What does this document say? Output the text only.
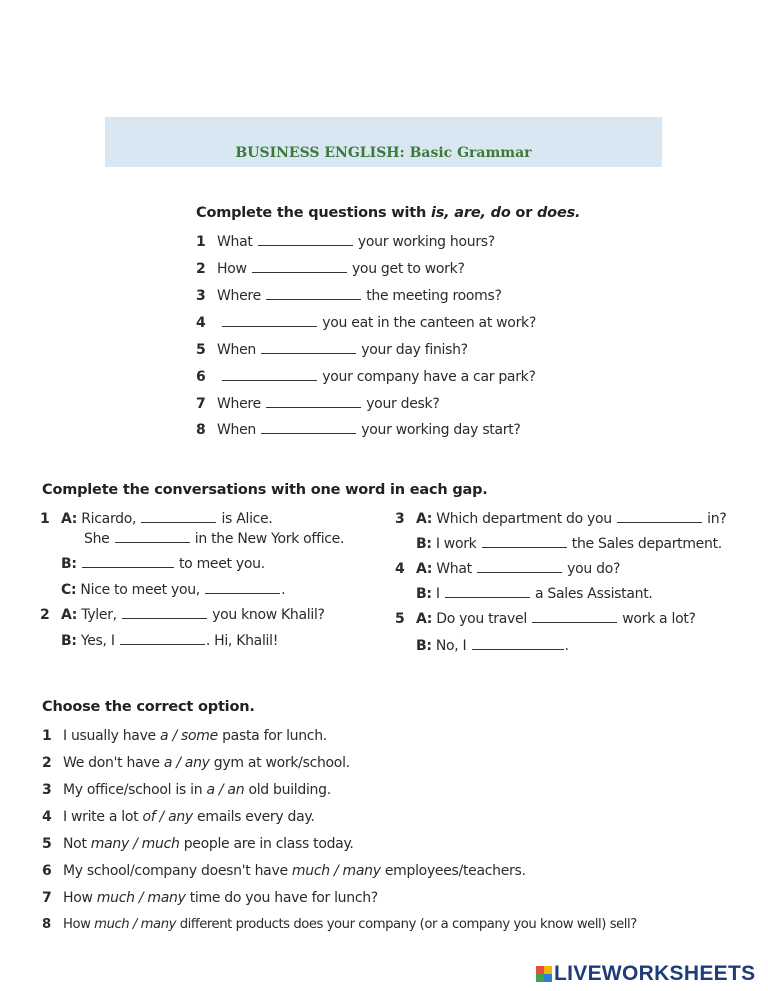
BUSINESS ENGLISH: Basic Grammar
Complete the questions with is, are, do or does.
1 What	your working hours?
2 How	you get to work?
3 Where	the meeting rooms?
4	you eat in the canteen at work?
5 When	your day finish?
6	your company have a car park?
7 Where	your desk?
8 When	your working day start?
Complete the conversations with one word in each gap.
1 A: Ricardo,	is Alice.
She	in the New York office.
B:	to meet you.
C: Nice to meet you,	.
2 A: Tyler,	you know Khalil?
B: Yes, I	. Hi, Khalil!
3 A: Which department do you	in?
B: I work	the Sales department.
4 A: What	you do?
B: I	a Sales Assistant.
5 A: Do you travel	work a lot?
B: No, I	.
Choose the correct option.
1 I usually have a / some pasta for lunch.
2 We don't have a / any gym at work/school.
3 My office/school is in a / an old building.
4 I write a lot of / any emails every day.
5 Not many / much people are in class today.
6 My school/company doesn't have much / many employees/teachers.
7 How much / many time do you have for lunch?
8 How much / many different products does your company (or a company you know well) sell?
LIVEWORKSHEETS
